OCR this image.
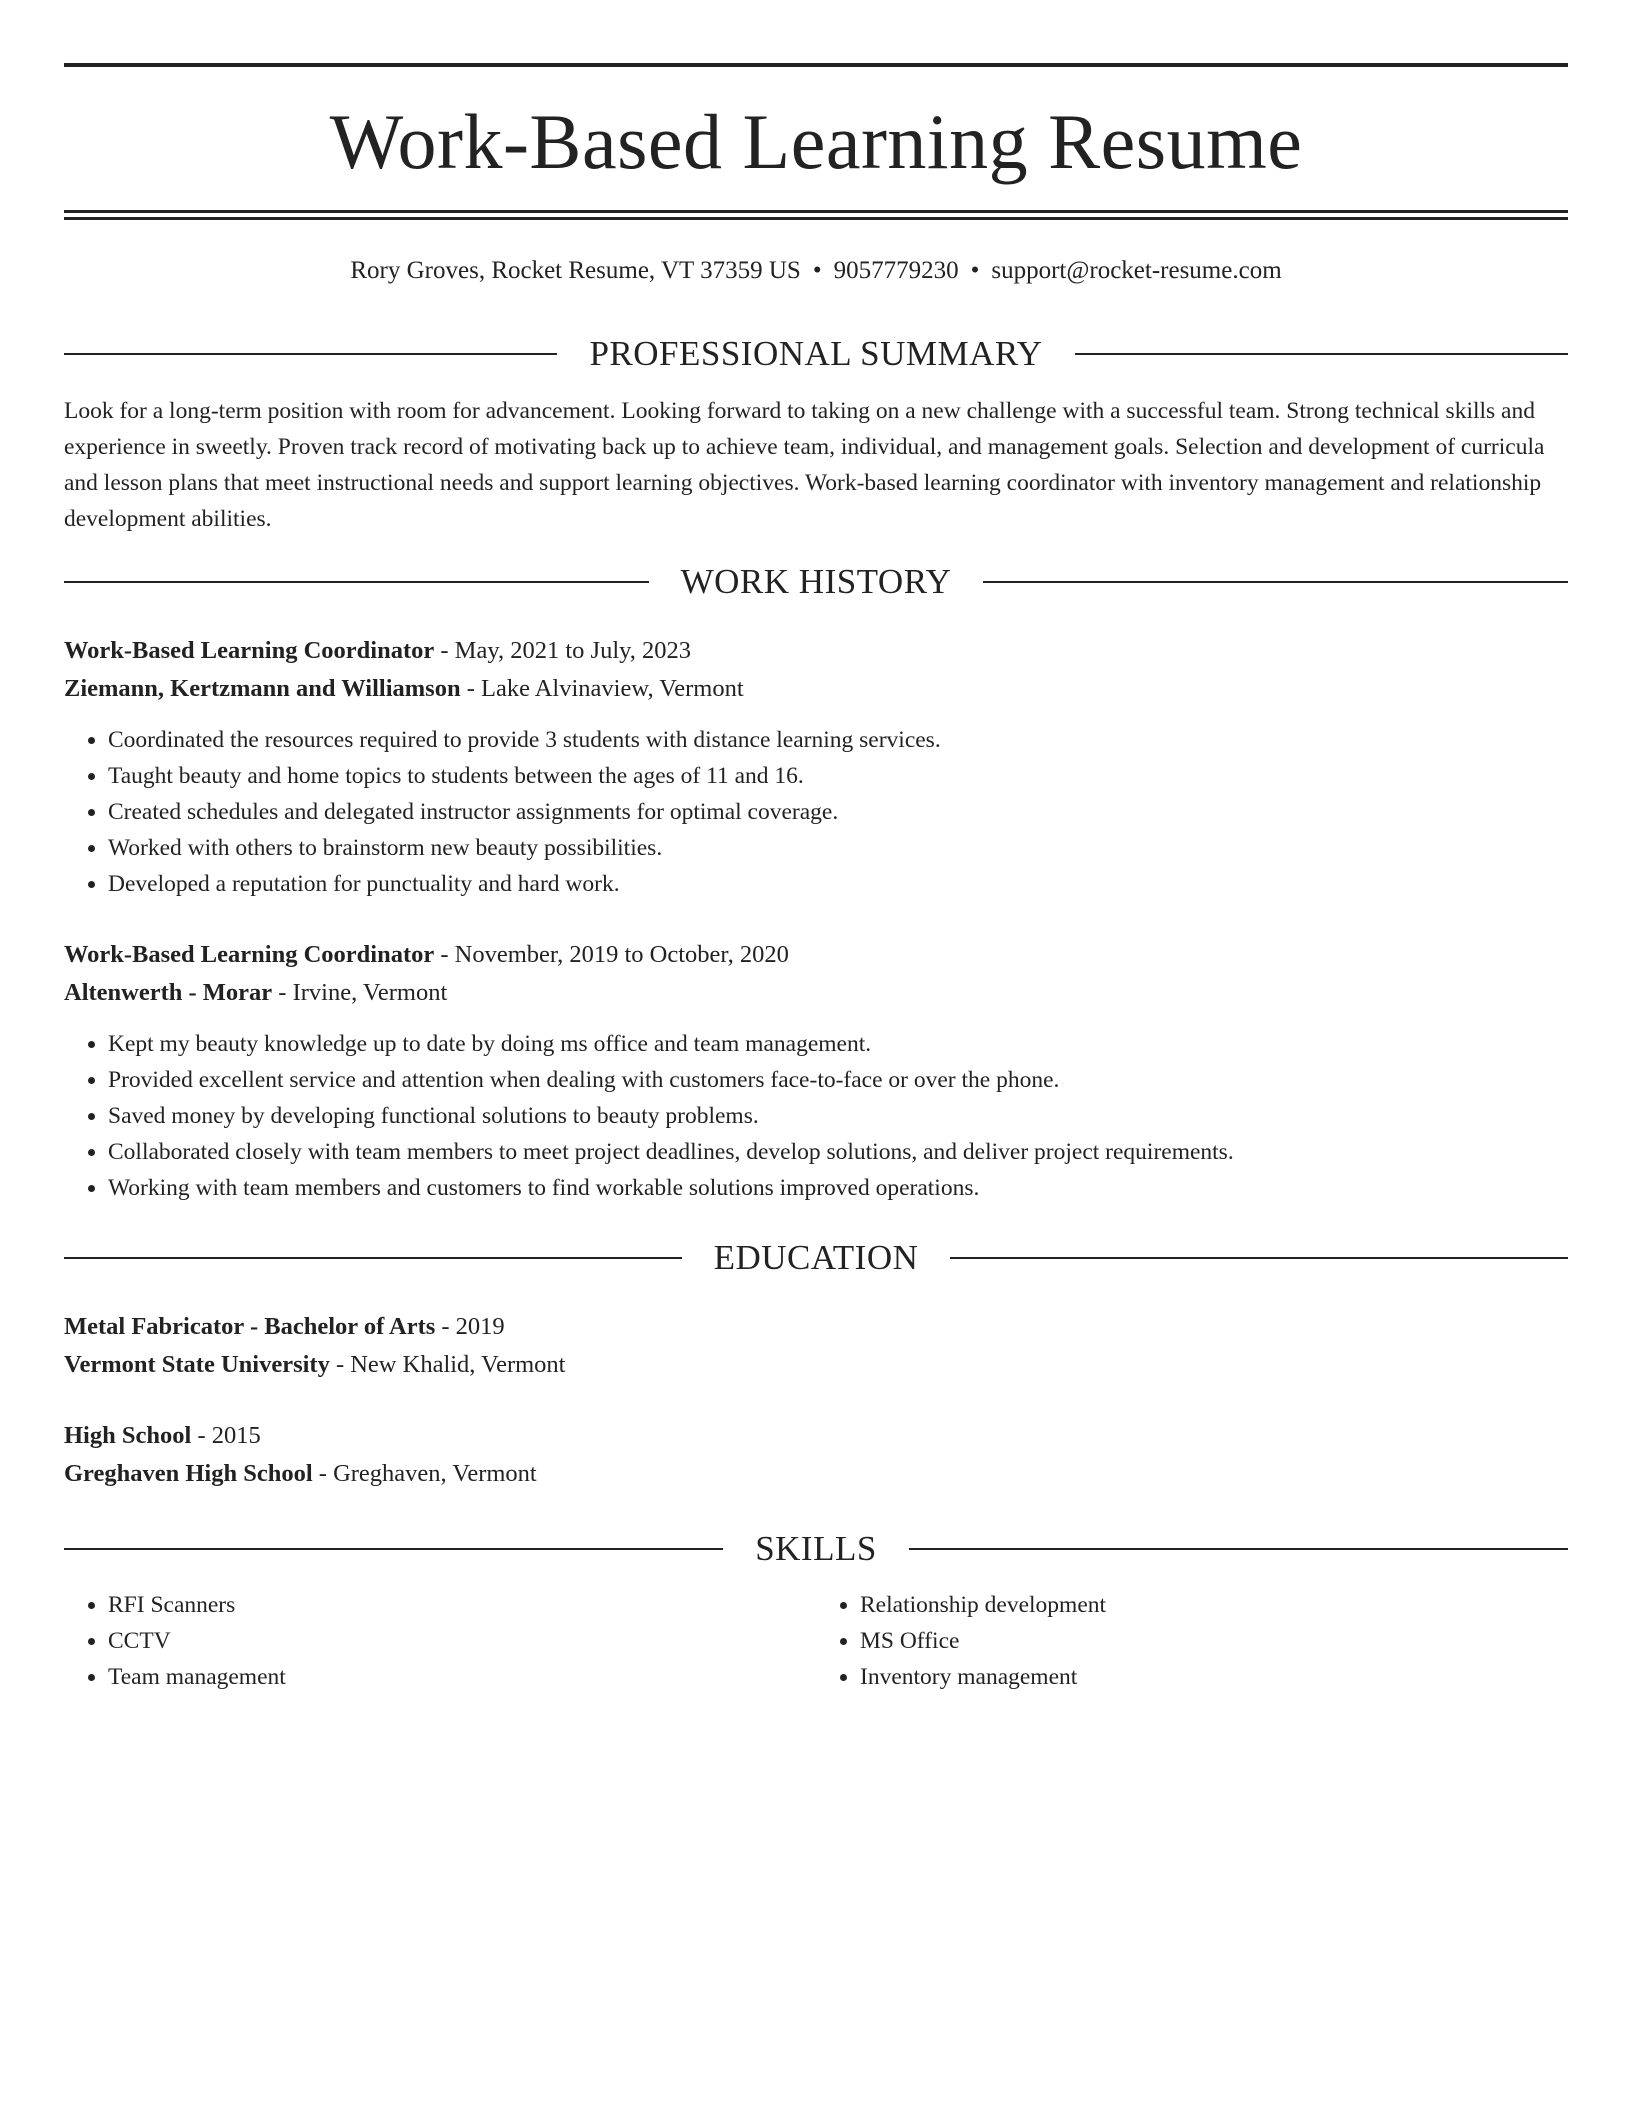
Work-Based Learning Resume
Rory Groves, Rocket Resume, VT 37359 US • 9057779230 • support@rocket-resume.com
PROFESSIONAL SUMMARY
Look for a long-term position with room for advancement. Looking forward to taking on a new challenge with a successful team. Strong technical skills and experience in sweetly. Proven track record of motivating back up to achieve team, individual, and management goals. Selection and development of curricula and lesson plans that meet instructional needs and support learning objectives. Work-based learning coordinator with inventory management and relationship development abilities.
WORK HISTORY
Work-Based Learning Coordinator - May, 2021 to July, 2023
Ziemann, Kertzmann and Williamson - Lake Alvinaview, Vermont
• Coordinated the resources required to provide 3 students with distance learning services.
• Taught beauty and home topics to students between the ages of 11 and 16.
• Created schedules and delegated instructor assignments for optimal coverage.
• Worked with others to brainstorm new beauty possibilities.
• Developed a reputation for punctuality and hard work.
Work-Based Learning Coordinator - November, 2019 to October, 2020
Altenwerth - Morar - Irvine, Vermont
• Kept my beauty knowledge up to date by doing ms office and team management.
• Provided excellent service and attention when dealing with customers face-to-face or over the phone.
• Saved money by developing functional solutions to beauty problems.
• Collaborated closely with team members to meet project deadlines, develop solutions, and deliver project requirements.
• Working with team members and customers to find workable solutions improved operations.
EDUCATION
Metal Fabricator - Bachelor of Arts - 2019
Vermont State University - New Khalid, Vermont
High School - 2015
Greghaven High School - Greghaven, Vermont
SKILLS
• RFI Scanners
• CCTV
• Team management
• Relationship development
• MS Office
• Inventory management
